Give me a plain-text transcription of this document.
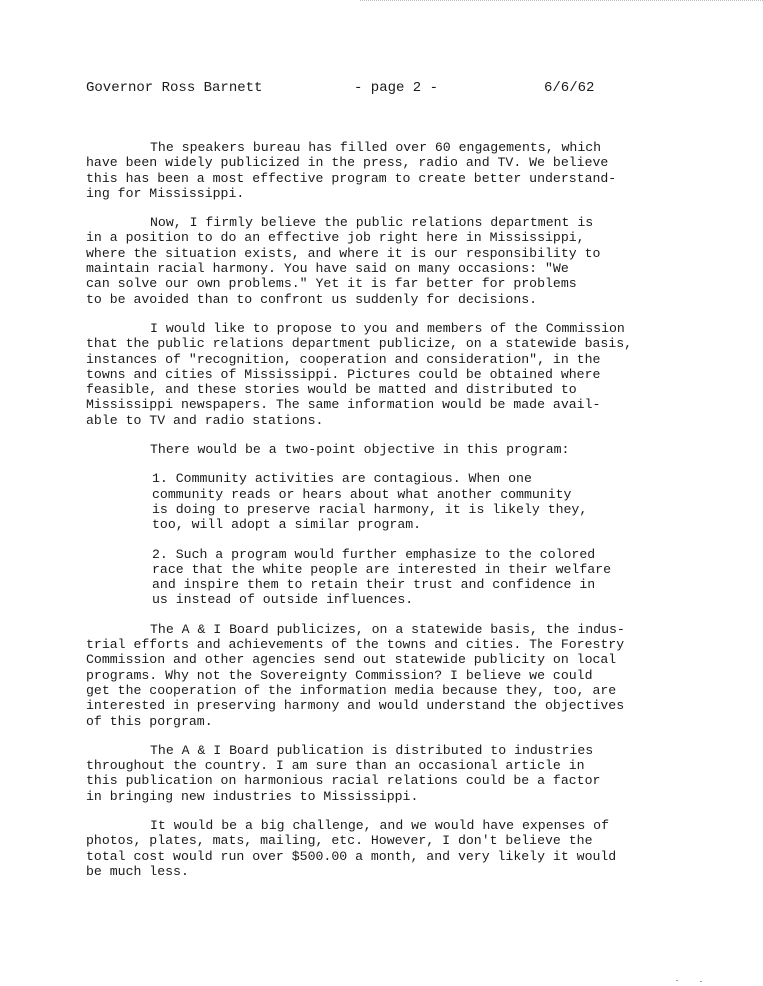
Governor Ross Barnett	- page 2 -	6/6/62

The speakers bureau has filled over 60 engagements, which
have been widely publicized in the press, radio and TV. We believe
this has been a most effective program to create better understand-
ing for Mississippi.

Now, I firmly believe the public relations department is
in a position to do an effective job right here in Mississippi,
where the situation exists, and where it is our responsibility to
maintain racial harmony. You have said on many occasions: "We
can solve our own problems." Yet it is far better for problems
to be avoided than to confront us suddenly for decisions.

I would like to propose to you and members of the Commission
that the public relations department publicize, on a statewide basis,
instances of "recognition, cooperation and consideration", in the
towns and cities of Mississippi. Pictures could be obtained where
feasible, and these stories would be matted and distributed to
Mississippi newspapers. The same information would be made avail-
able to TV and radio stations.

There would be a two-point objective in this program:

1. Community activities are contagious. When one
community reads or hears about what another community
is doing to preserve racial harmony, it is likely they,
too, will adopt a similar program.

2. Such a program would further emphasize to the colored
race that the white people are interested in their welfare
and inspire them to retain their trust and confidence in
us instead of outside influences.

The A & I Board publicizes, on a statewide basis, the indus-
trial efforts and achievements of the towns and cities. The Forestry
Commission and other agencies send out statewide publicity on local
programs. Why not the Sovereignty Commission? I believe we could
get the cooperation of the information media because they, too, are
interested in preserving harmony and would understand the objectives
of this porgram.

The A & I Board publication is distributed to industries
throughout the country. I am sure than an occasional article in
this publication on harmonious racial relations could be a factor
in bringing new industries to Mississippi.

It would be a big challenge, and we would have expenses of
photos, plates, mats, mailing, etc. However, I don't believe the
total cost would run over $500.00 a month, and very likely it would
be much less.
